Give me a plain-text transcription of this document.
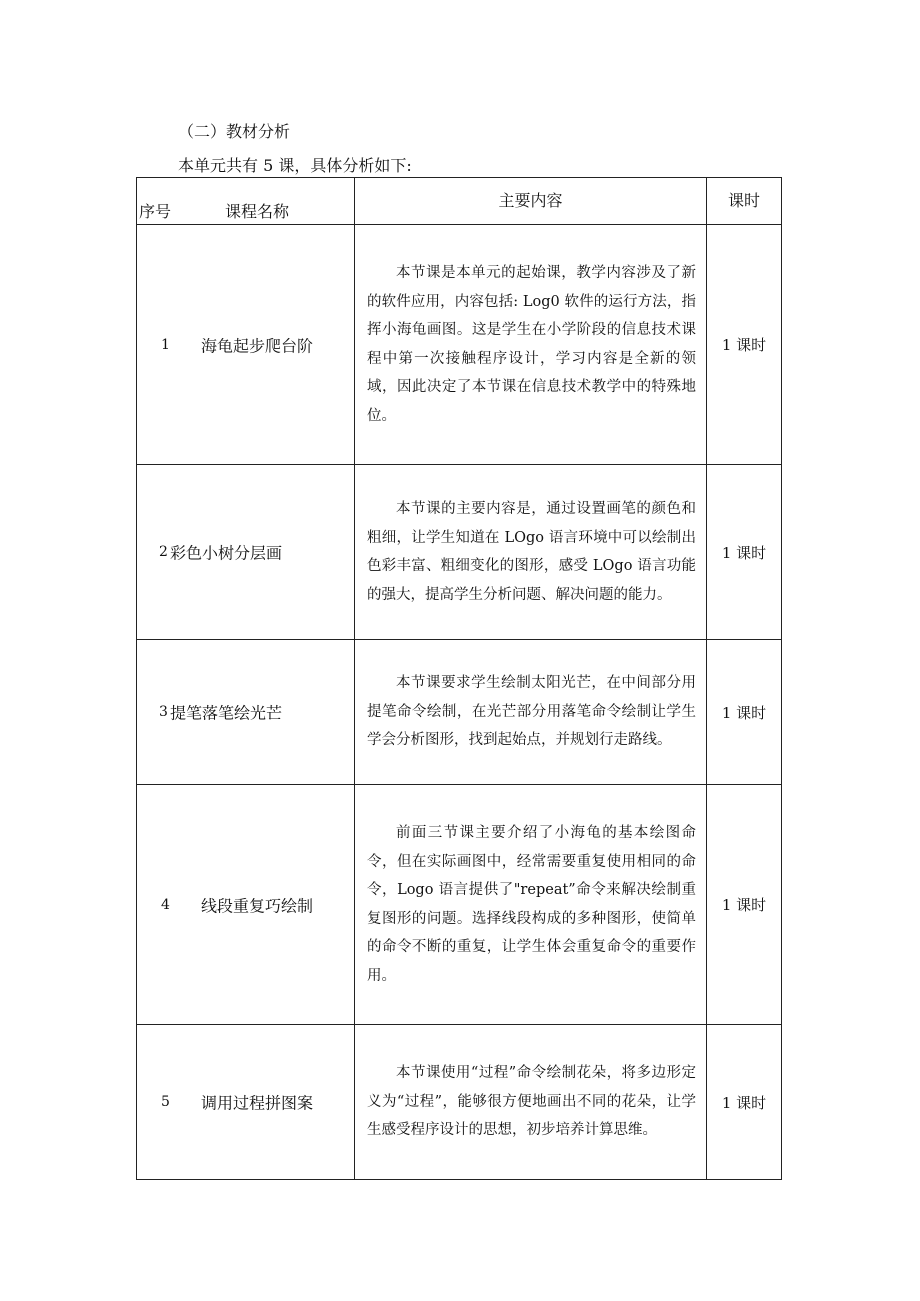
（二）教材分析
本单元共有 5 课，具体分析如下:
序号 课程名称	主要内容	课时

1 海龟起步爬台阶	本节课是本单元的起始课，教学内容涉及了新的软件应用，内容包括: Log0 软件的运行方法，指挥小海龟画图。这是学生在小学阶段的信息技术课程中第一次接触程序设计，学习内容是全新的领域，因此决定了本节课在信息技术教学中的特殊地位。	1 课时

2 彩色小树分层画	本节课的主要内容是，通过设置画笔的颜色和粗细，让学生知道在 LOgo 语言环境中可以绘制出色彩丰富、粗细变化的图形，感受 LOgo 语言功能的强大，提高学生分析问题、解决问题的能力。	1 课时

3 提笔落笔绘光芒	本节课要求学生绘制太阳光芒，在中间部分用提笔命令绘制，在光芒部分用落笔命令绘制让学生学会分析图形，找到起始点，并规划行走路线。	1 课时

4 线段重复巧绘制	前面三节课主要介绍了小海龟的基本绘图命令，但在实际画图中，经常需要重复使用相同的命令，Logo 语言提供了"repeat”命令来解决绘制重复图形的问题。选择线段构成的多种图形，使简单的命令不断的重复，让学生体会重复命令的重要作用。	1 课时

5 调用过程拼图案	本节课使用“过程”命令绘制花朵，将多边形定义为“过程”，能够很方便地画出不同的花朵，让学生感受程序设计的思想，初步培养计算思维。	1 课时
